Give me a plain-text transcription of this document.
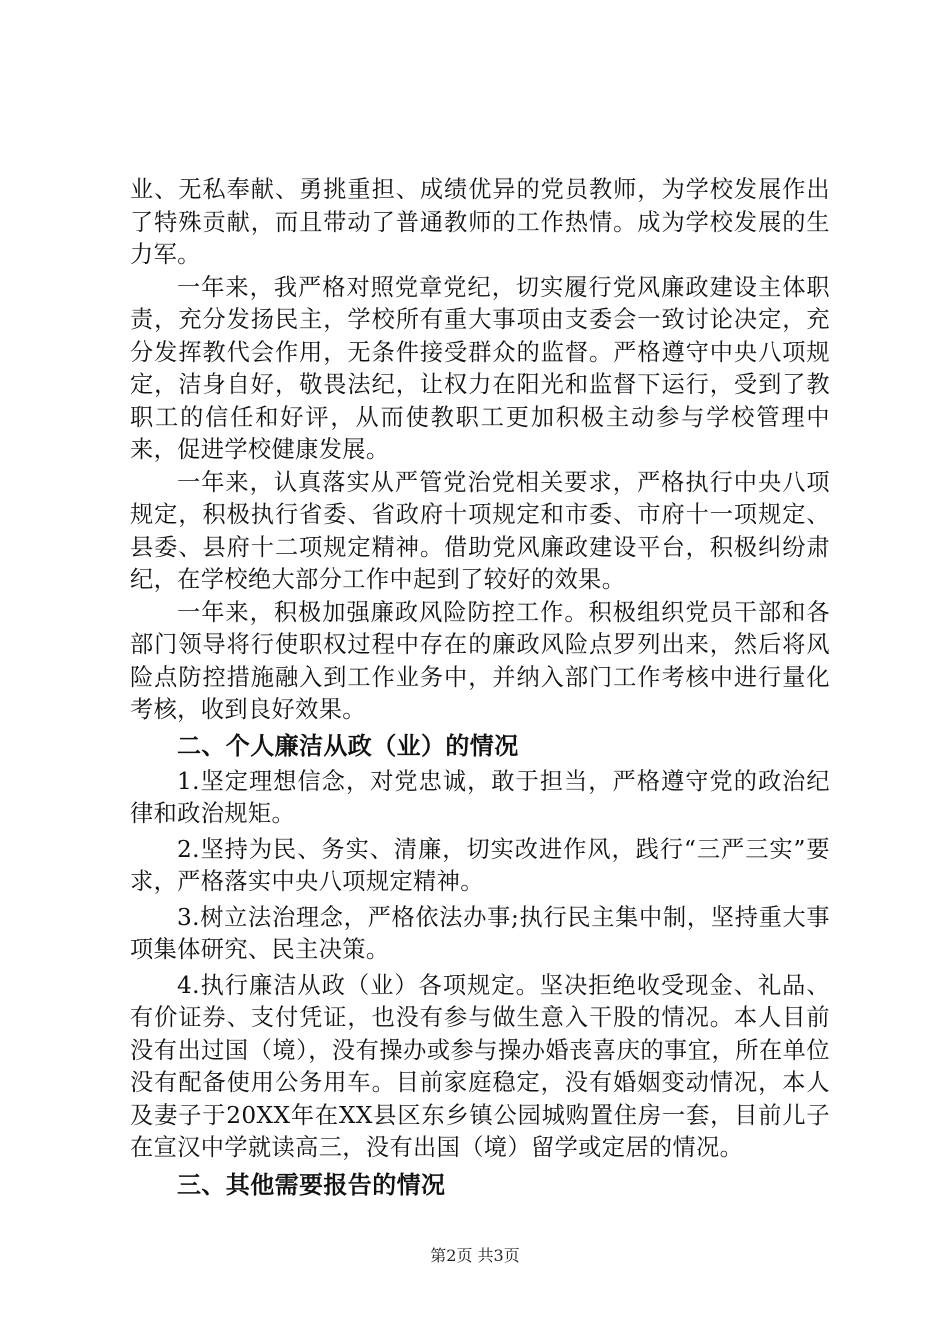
业、无私奉献、勇挑重担、成绩优异的党员教师，为学校发展作出了特殊贡献，而且带动了普通教师的工作热情。成为学校发展的生力军。

一年来，我严格对照党章党纪，切实履行党风廉政建设主体职责，充分发扬民主，学校所有重大事项由支委会一致讨论决定，充分发挥教代会作用，无条件接受群众的监督。严格遵守中央八项规定，洁身自好，敬畏法纪，让权力在阳光和监督下运行，受到了教职工的信任和好评，从而使教职工更加积极主动参与学校管理中来，促进学校健康发展。

一年来，认真落实从严管党治党相关要求，严格执行中央八项规定，积极执行省委、省政府十项规定和市委、市府十一项规定、县委、县府十二项规定精神。借助党风廉政建设平台，积极纠纷肃纪，在学校绝大部分工作中起到了较好的效果。

一年来，积极加强廉政风险防控工作。积极组织党员干部和各部门领导将行使职权过程中存在的廉政风险点罗列出来，然后将风险点防控措施融入到工作业务中，并纳入部门工作考核中进行量化考核，收到良好效果。

二、个人廉洁从政（业）的情况

1.坚定理想信念，对党忠诚，敢于担当，严格遵守党的政治纪律和政治规矩。

2.坚持为民、务实、清廉，切实改进作风，践行“三严三实”要求，严格落实中央八项规定精神。

3.树立法治理念，严格依法办事;执行民主集中制，坚持重大事项集体研究、民主决策。

4.执行廉洁从政（业）各项规定。坚决拒绝收受现金、礼品、有价证券、支付凭证，也没有参与做生意入干股的情况。本人目前没有出过国（境），没有操办或参与操办婚丧喜庆的事宜，所在单位没有配备使用公务用车。目前家庭稳定，没有婚姻变动情况，本人及妻子于20XX年在XX县区东乡镇公园城购置住房一套，目前儿子在宣汉中学就读高三，没有出国（境）留学或定居的情况。

三、其他需要报告的情况
第2页 共3页
